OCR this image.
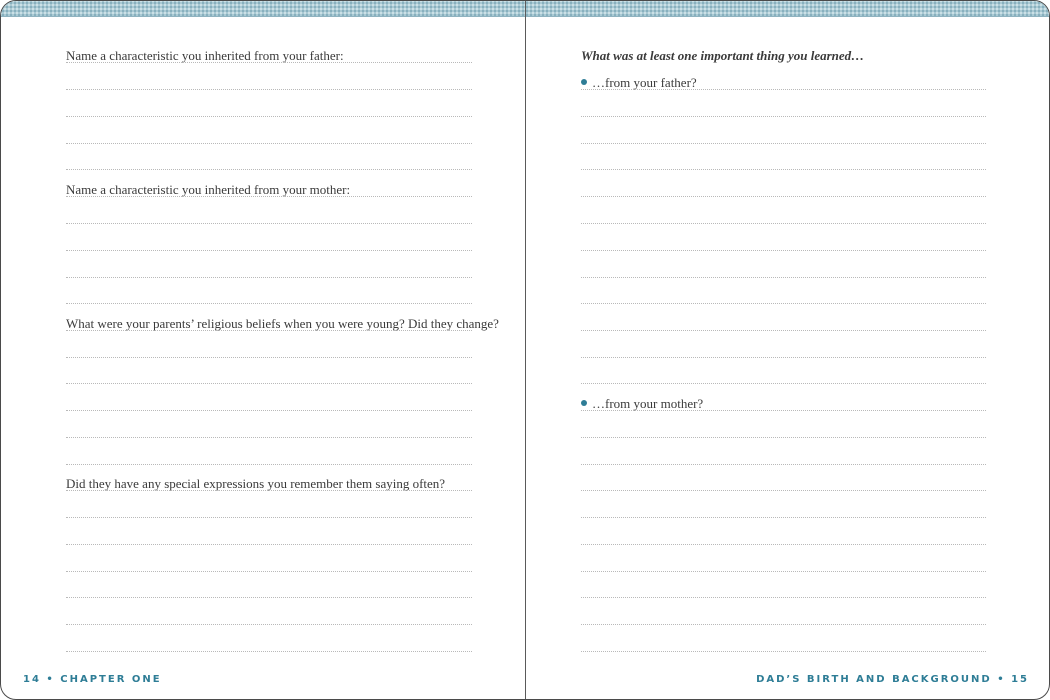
Name a characteristic you inherited from your father:
Name a characteristic you inherited from your mother:
What were your parents’ religious beliefs when you were young? Did they change?
Did they have any special expressions you remember them saying often?
What was at least one important thing you learned…
…from your father?
…from your mother?
14 • CHAPTER ONE	DAD’S BIRTH AND BACKGROUND • 15
